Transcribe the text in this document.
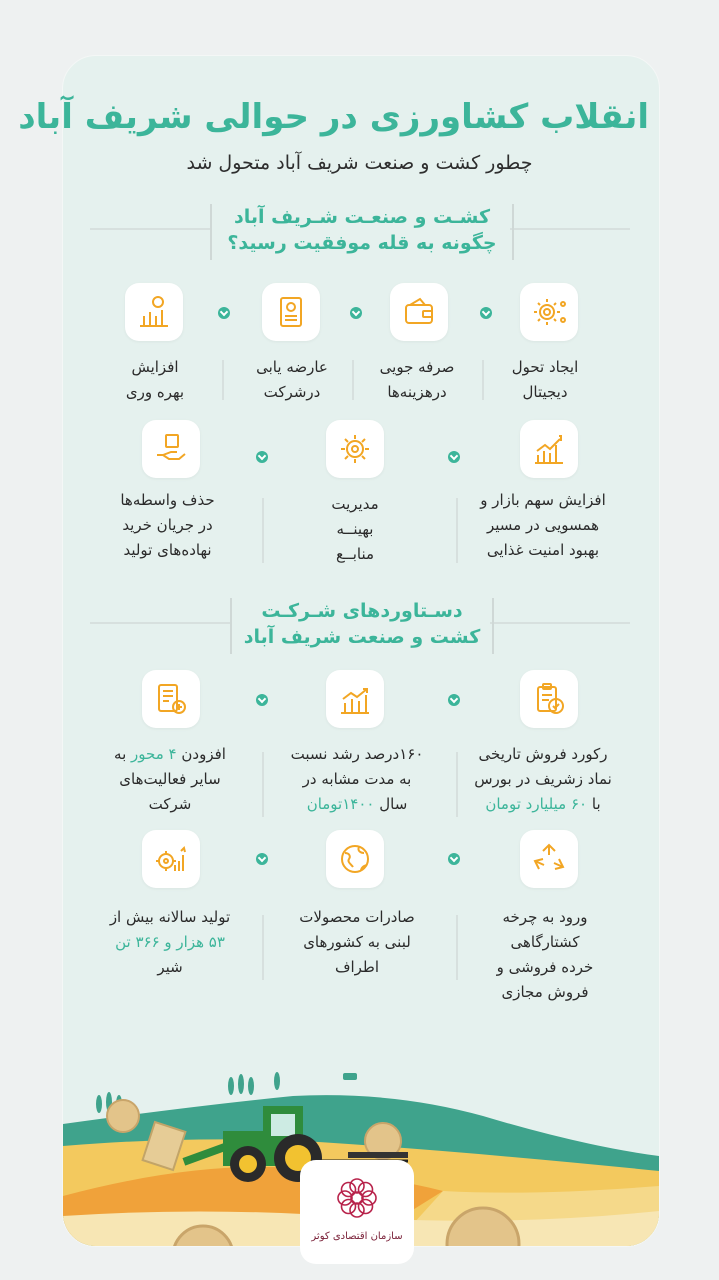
انقلاب کشاورزی در حوالی شریف آباد
چطور کشت و صنعت شریف آباد متحول شد
کشـت و صنعـت شـریف آباد
چگونه به قله موفقیت رسید؟
ایجاد تحول
دیجیتال
صرفه جویی
درهزینه‌ها
عارضه یابی
درشرکت
افزایش
بهره وری
افزایش سهم بازار و
همسویی در مسیر
بهبود امنیت غذایی
مدیریت
بهینــه
منابــع
حذف واسطه‌ها
در جریان خرید
نهاده‌های تولید
دسـتاوردهای شـرکـت
کشت و صنعت شریف آباد
رکورد فروش تاریخی
نماد زشریف در بورس
با ۶۰ میلیارد تومان
۱۶۰درصد رشد نسبت
به مدت مشابه در
سال ۱۴۰۰تومان
افزودن ۴ محور به
سایر فعالیت‌های
شرکت
ورود به چرخه
کشتارگاهی
خرده فروشی و
فروش مجازی
صادرات محصولات
لبنی به کشورهای
اطراف
تولید سالانه بیش از
۵۳ هزار و ۳۶۶ تن
شیر
سازمان اقتصادی کوثر
